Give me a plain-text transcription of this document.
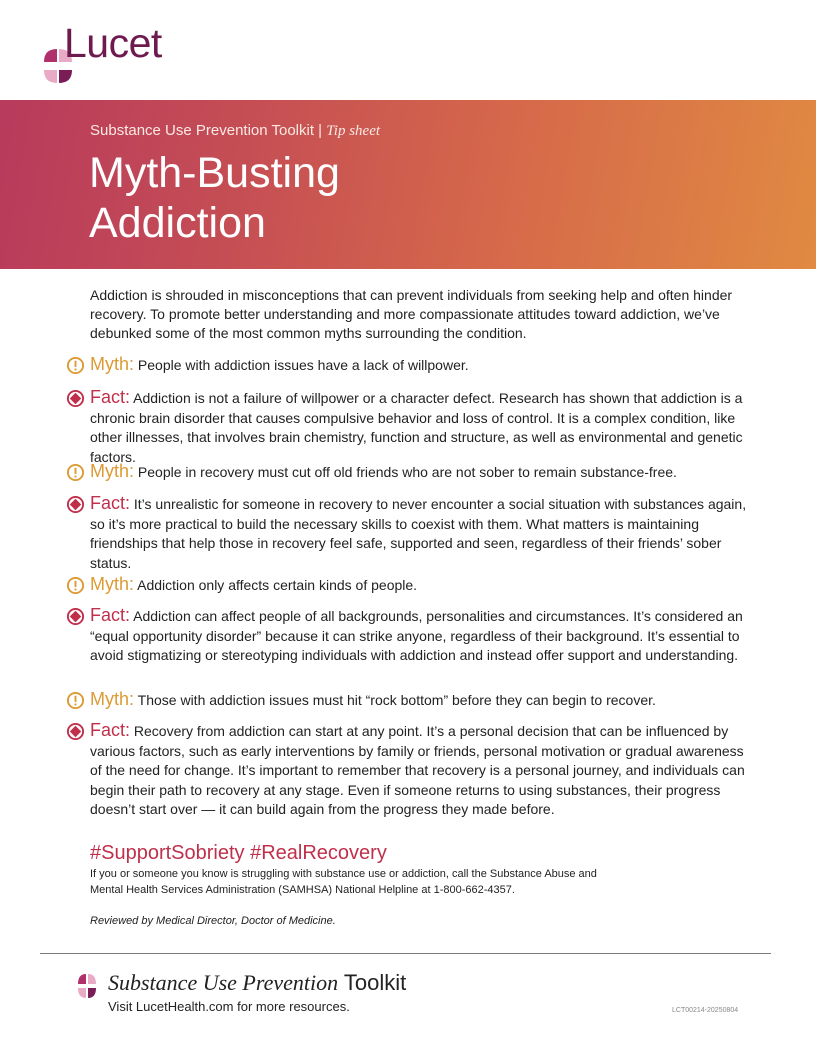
Lucet
Substance Use Prevention Toolkit | Tip sheet
Myth-Busting
Addiction

Addiction is shrouded in misconceptions that can prevent individuals from seeking help and often hinder recovery. To promote better understanding and more compassionate attitudes toward addiction, we’ve debunked some of the most common myths surrounding the condition.

Myth: People with addiction issues have a lack of willpower.
Fact: Addiction is not a failure of willpower or a character defect. Research has shown that addiction is a chronic brain disorder that causes compulsive behavior and loss of control. It is a complex condition, like other illnesses, that involves brain chemistry, function and structure, as well as environmental and genetic factors.
Myth: People in recovery must cut off old friends who are not sober to remain substance-free.
Fact: It’s unrealistic for someone in recovery to never encounter a social situation with substances again, so it’s more practical to build the necessary skills to coexist with them. What matters is maintaining friendships that help those in recovery feel safe, supported and seen, regardless of their friends’ sober status.
Myth: Addiction only affects certain kinds of people.
Fact: Addiction can affect people of all backgrounds, personalities and circumstances. It’s considered an “equal opportunity disorder” because it can strike anyone, regardless of their background. It’s essential to avoid stigmatizing or stereotyping individuals with addiction and instead offer support and understanding.
Myth: Those with addiction issues must hit “rock bottom” before they can begin to recover.
Fact: Recovery from addiction can start at any point. It’s a personal decision that can be influenced by various factors, such as early interventions by family or friends, personal motivation or gradual awareness of the need for change. It’s important to remember that recovery is a personal journey, and individuals can begin their path to recovery at any stage. Even if someone returns to using substances, their progress doesn’t start over — it can build again from the progress they made before.
#SupportSobriety #RealRecovery

If you or someone you know is struggling with substance use or addiction, call the Substance Abuse and Mental Health Services Administration (SAMHSA) National Helpline at 1-800-662-4357.

Reviewed by Medical Director, Doctor of Medicine.
Substance Use Prevention Toolkit
Visit LucetHealth.com for more resources.	LCT00214-20250804
